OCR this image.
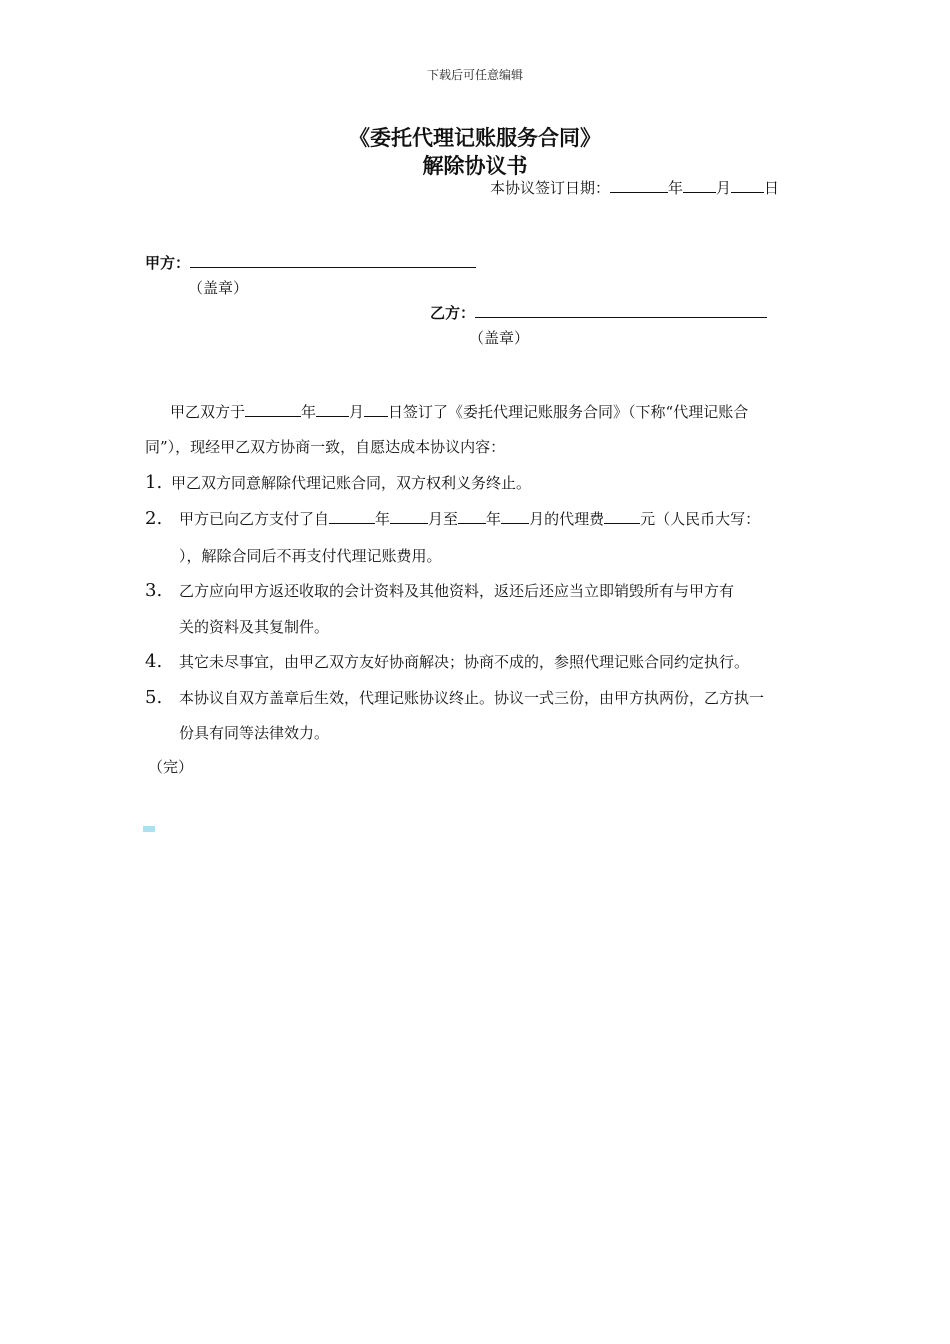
下载后可任意编辑
《委托代理记账服务合同》
解除协议书
本协议签订日期：	年 月 日
甲方：
（盖章）
乙方：
（盖章）
甲乙双方于	年 月 日签订了《委托代理记账服务合同》（下称“代理记账合
同”），现经甲乙双方协商一致，自愿达成本协议内容：
1. 甲乙双方同意解除代理记账合同，双方权利义务终止。
2. 甲方已向乙方支付了自	年	月至 年 月的代理费 元（人民币大写：
），解除合同后不再支付代理记账费用。
3. 乙方应向甲方返还收取的会计资料及其他资料，返还后还应当立即销毁所有与甲方有
关的资料及其复制件。
4. 其它未尽事宜，由甲乙双方友好协商解决；协商不成的，参照代理记账合同约定执行。
5. 本协议自双方盖章后生效，代理记账协议终止。协议一式三份，由甲方执两份，乙方执一
份具有同等法律效力。
（完）
